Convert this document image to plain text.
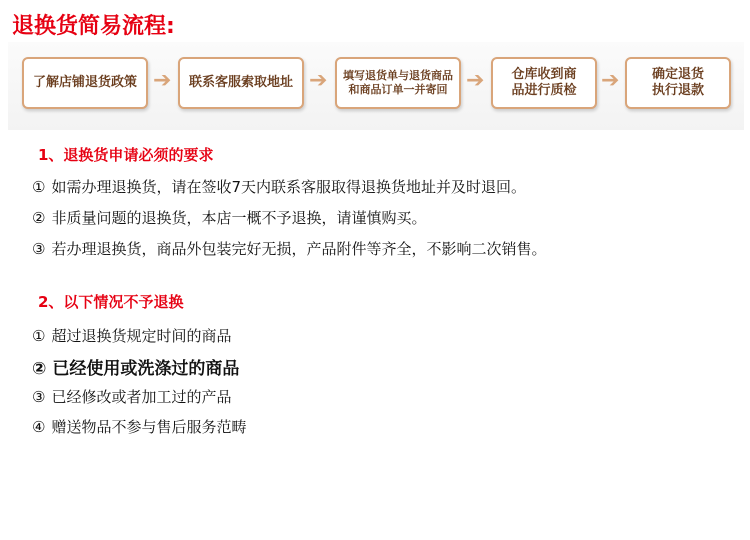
退换货简易流程:
了解店铺退货政策 ➔	联系客服索取地址 ➔	填写退货单与退货商品和商品订单一并寄回 ➔	仓库收到商品进行质检	➔	确定退货执行退款
1、退换货申请必须的要求
① 如需办理退换货，请在签收7天内联系客服取得退换货地址并及时退回。
② 非质量问题的退换货，本店一概不予退换，请谨慎购买。
③ 若办理退换货，商品外包装完好无损，产品附件等齐全，不影响二次销售。
2、以下情况不予退换
① 超过退换货规定时间的商品
② 已经使用或洗涤过的商品
③ 已经修改或者加工过的产品
④ 赠送物品不参与售后服务范畴
